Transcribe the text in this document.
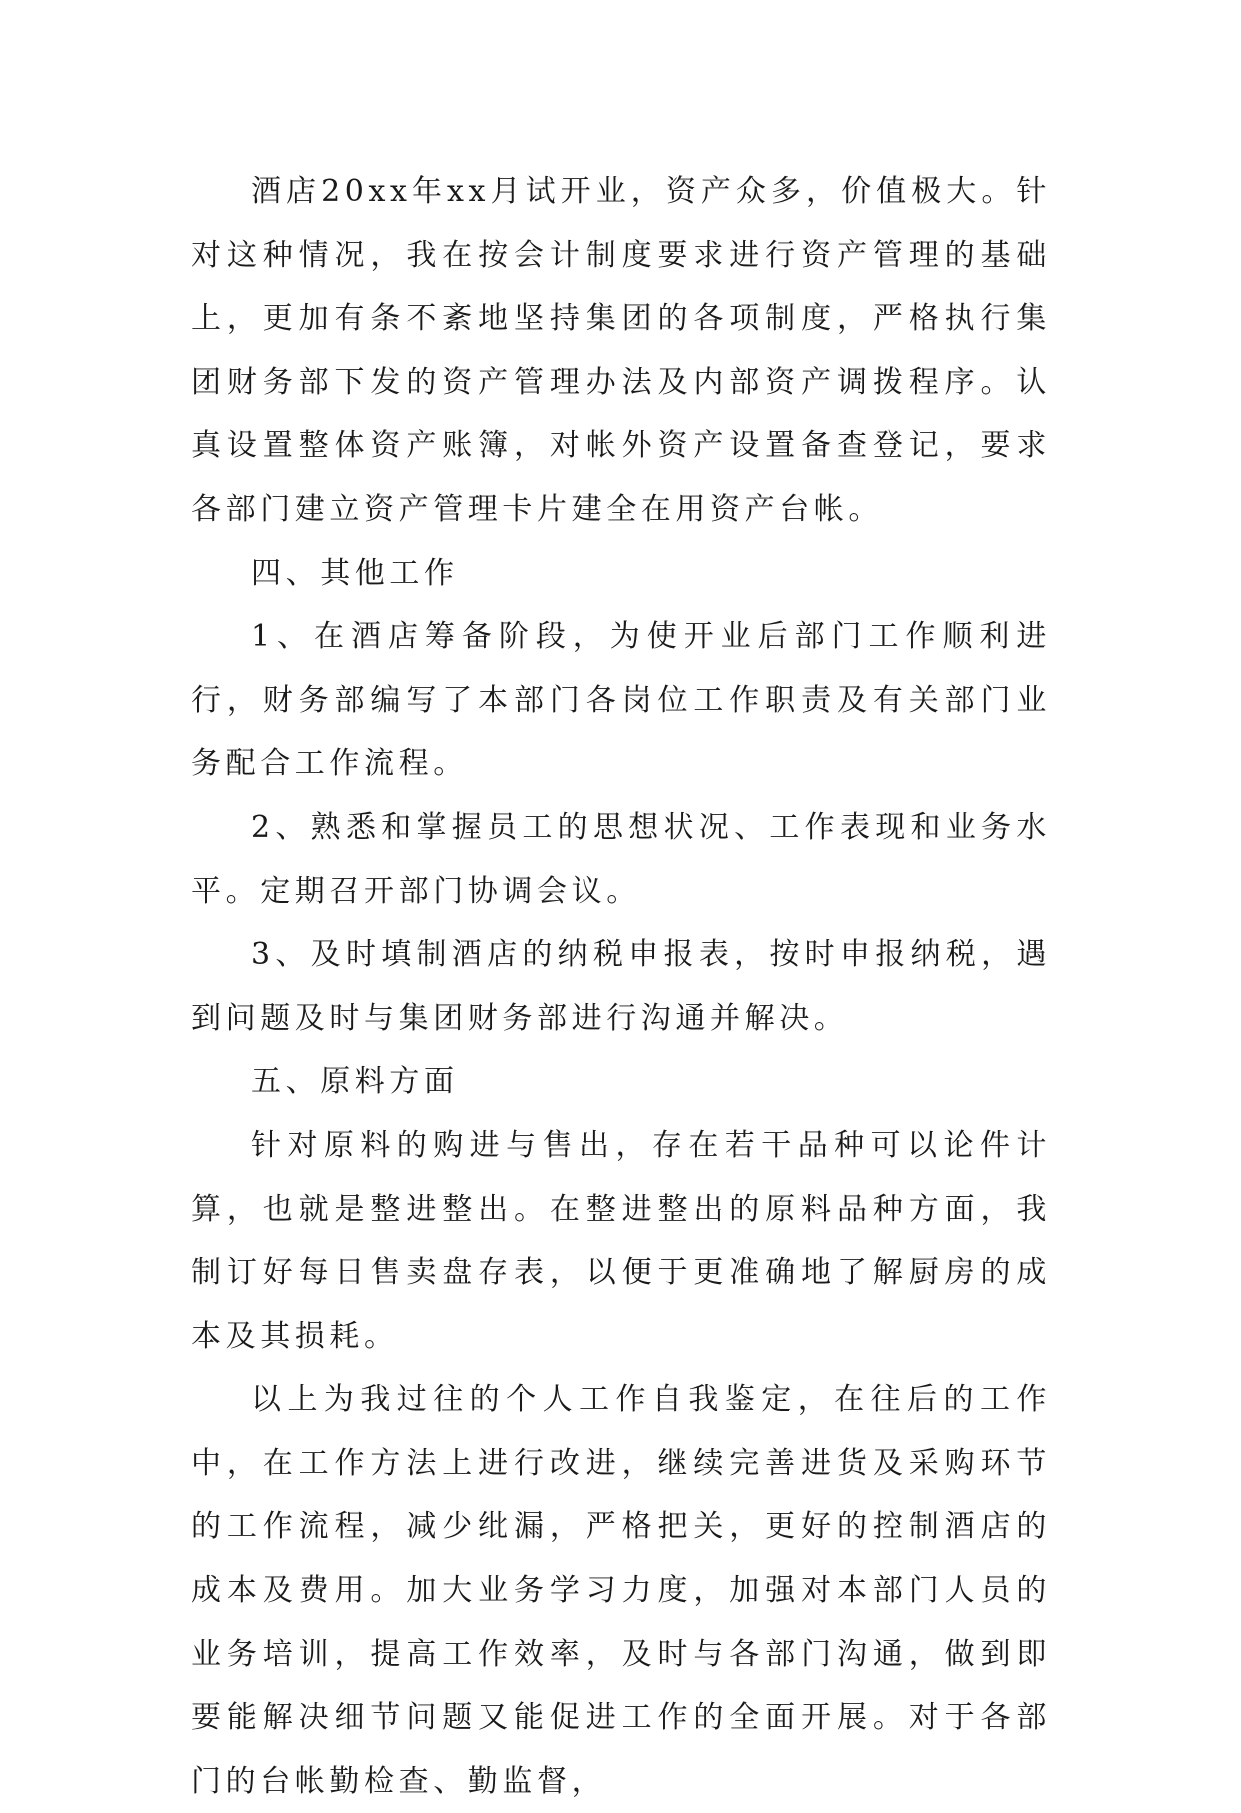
酒店20xx年xx月试开业，资产众多，价值极大。针对这种情况，我在按会计制度要求进行资产管理的基础上，更加有条不紊地坚持集团的各项制度，严格执行集团财务部下发的资产管理办法及内部资产调拨程序。认真设置整体资产账簿，对帐外资产设置备查登记，要求各部门建立资产管理卡片建全在用资产台帐。

四、其他工作

1、在酒店筹备阶段，为使开业后部门工作顺利进行，财务部编写了本部门各岗位工作职责及有关部门业务配合工作流程。

2、熟悉和掌握员工的思想状况、工作表现和业务水平。定期召开部门协调会议。

3、及时填制酒店的纳税申报表，按时申报纳税，遇到问题及时与集团财务部进行沟通并解决。

五、原料方面

针对原料的购进与售出，存在若干品种可以论件计算，也就是整进整出。在整进整出的原料品种方面，我制订好每日售卖盘存表，以便于更准确地了解厨房的成本及其损耗。

以上为我过往的个人工作自我鉴定，在往后的工作中，在工作方法上进行改进，继续完善进货及采购环节的工作流程，减少纰漏，严格把关，更好的控制酒店的成本及费用。加大业务学习力度，加强对本部门人员的业务培训，提高工作效率，及时与各部门沟通，做到即要能解决细节问题又能促进工作的全面开展。对于各部门的台帐勤检查、勤监督，
